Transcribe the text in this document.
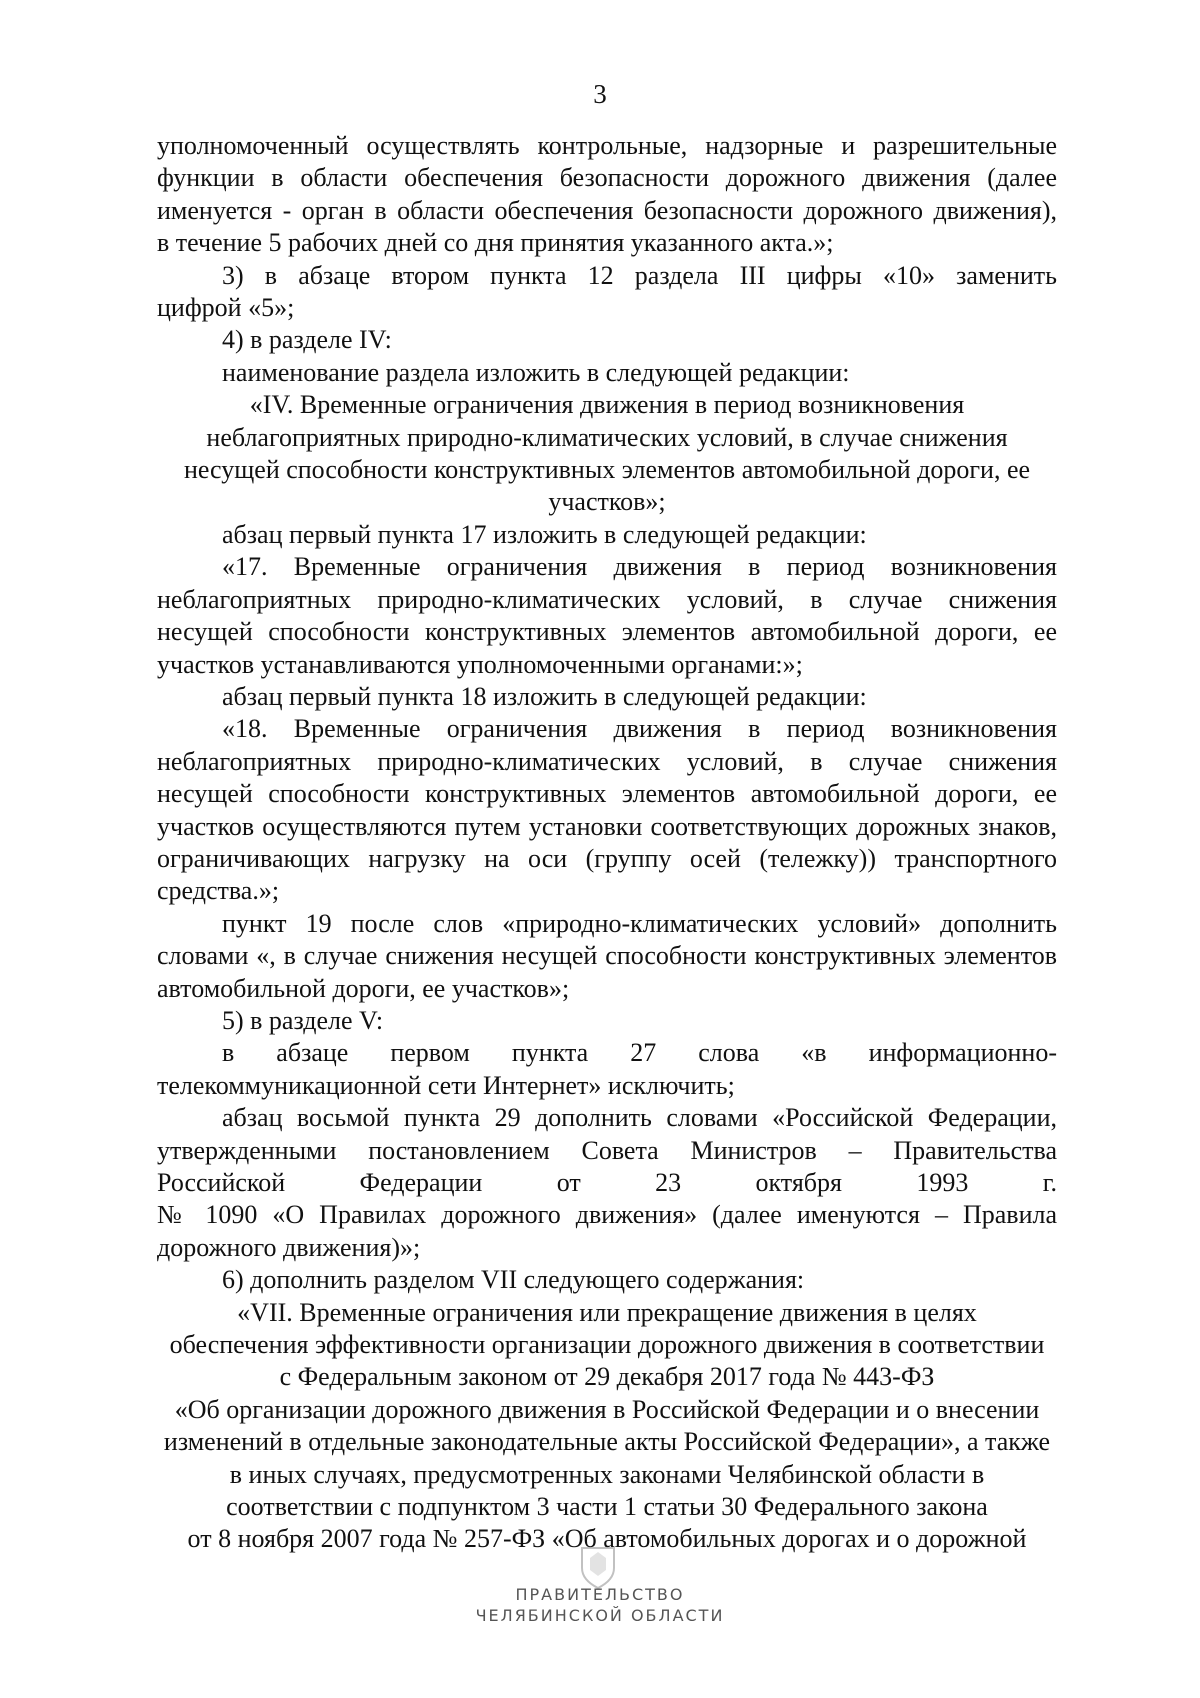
3

уполномоченный осуществлять контрольные, надзорные и разрешительные

функции в области обеспечения безопасности дорожного движения (далее

именуется - орган в области обеспечения безопасности дорожного движения),

в течение 5 рабочих дней со дня принятия указанного акта.»;

3) в абзаце втором пункта 12 раздела III цифры «10» заменить

цифрой «5»;

4) в разделе IV:

наименование раздела изложить в следующей редакции:

«IV. Временные ограничения движения в период возникновения

неблагоприятных природно-климатических условий, в случае снижения

несущей способности конструктивных элементов автомобильной дороги, ее

участков»;

абзац первый пункта 17 изложить в следующей редакции:

«17. Временные ограничения движения в период возникновения

неблагоприятных природно-климатических условий, в случае снижения

несущей способности конструктивных элементов автомобильной дороги, ее

участков устанавливаются уполномоченными органами:»;

абзац первый пункта 18 изложить в следующей редакции:

«18. Временные ограничения движения в период возникновения

неблагоприятных природно-климатических условий, в случае снижения

несущей способности конструктивных элементов автомобильной дороги, ее

участков осуществляются путем установки соответствующих дорожных знаков,

ограничивающих нагрузку на оси (группу осей (тележку)) транспортного

средства.»;

пункт 19 после слов «природно-климатических условий» дополнить

словами «, в случае снижения несущей способности конструктивных элементов

автомобильной дороги, ее участков»;

5) в разделе V:

в абзаце первом пункта 27 слова «в информационно-

телекоммуникационной сети Интернет» исключить;

абзац восьмой пункта 29 дополнить словами «Российской Федерации,

утвержденными постановлением Совета Министров – Правительства

Российской Федерации от 23 октября 1993 г.

№ 1090 «О Правилах дорожного движения» (далее именуются – Правила

дорожного движения)»;

6) дополнить разделом VII следующего содержания:

«VII. Временные ограничения или прекращение движения в целях

обеспечения эффективности организации дорожного движения в соответствии

с Федеральным законом от 29 декабря 2017 года № 443-ФЗ

«Об организации дорожного движения в Российской Федерации и о внесении

изменений в отдельные законодательные акты Российской Федерации», а также

в иных случаях, предусмотренных законами Челябинской области в

соответствии с подпунктом 3 части 1 статьи 30 Федерального закона

от 8 ноября 2007 года № 257-ФЗ «Об автомобильных дорогах и о дорожной

ПРАВИТЕЛЬСТВО
ЧЕЛЯБИНСКОЙ ОБЛАСТИ
